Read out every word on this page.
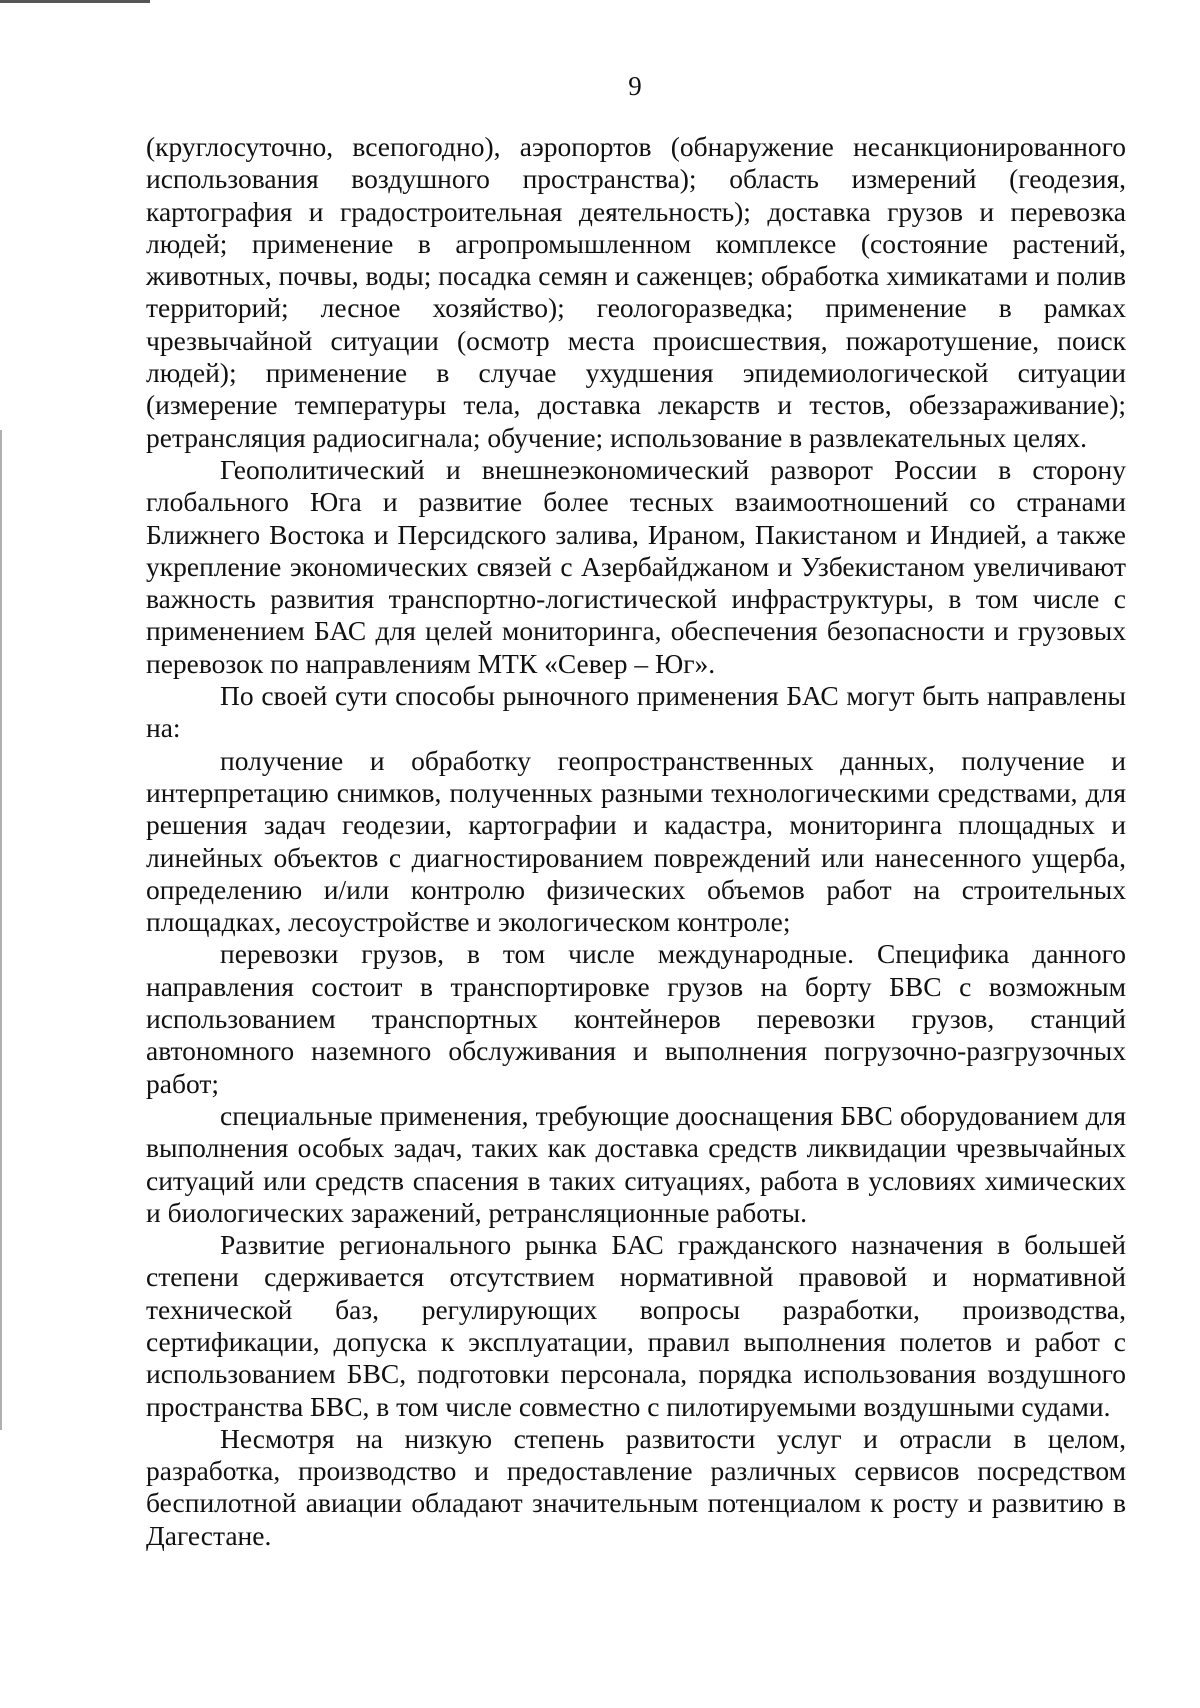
9

(круглосуточно, всепогодно), аэропортов (обнаружение несанкционированного использования воздушного пространства); область измерений (геодезия, картография и градостроительная деятельность); доставка грузов и перевозка людей; применение в агропромышленном комплексе (состояние растений, животных, почвы, воды; посадка семян и саженцев; обработка химикатами и полив территорий; лесное хозяйство); геологоразведка; применение в рамках чрезвычайной ситуации (осмотр места происшествия, пожаротушение, поиск людей); применение в случае ухудшения эпидемиологической ситуации (измерение температуры тела, доставка лекарств и тестов, обеззараживание); ретрансляция радиосигнала; обучение; использование в развлекательных целях.

Геополитический и внешнеэкономический разворот России в сторону глобального Юга и развитие более тесных взаимоотношений со странами Ближнего Востока и Персидского залива, Ираном, Пакистаном и Индией, а также укрепление экономических связей с Азербайджаном и Узбекистаном увеличивают важность развития транспортно-логистической инфраструктуры, в том числе с применением БАС для целей мониторинга, обеспечения безопасности и грузовых перевозок по направлениям МТК «Север – Юг».

По своей сути способы рыночного применения БАС могут быть направлены на:

получение и обработку геопространственных данных, получение и интерпретацию снимков, полученных разными технологическими средствами, для решения задач геодезии, картографии и кадастра, мониторинга площадных и линейных объектов с диагностированием повреждений или нанесенного ущерба, определению и/или контролю физических объемов работ на строительных площадках, лесоустройстве и экологическом контроле;

перевозки грузов, в том числе международные. Специфика данного направления состоит в транспортировке грузов на борту БВС с возможным использованием транспортных контейнеров перевозки грузов, станций автономного наземного обслуживания и выполнения погрузочно-разгрузочных работ;

специальные применения, требующие дооснащения БВС оборудованием для выполнения особых задач, таких как доставка средств ликвидации чрезвычайных ситуаций или средств спасения в таких ситуациях, работа в условиях химических и биологических заражений, ретрансляционные работы.

Развитие регионального рынка БАС гражданского назначения в большей степени сдерживается отсутствием нормативной правовой и нормативной технической баз, регулирующих вопросы разработки, производства, сертификации, допуска к эксплуатации, правил выполнения полетов и работ с использованием БВС, подготовки персонала, порядка использования воздушного пространства БВС, в том числе совместно с пилотируемыми воздушными судами.

Несмотря на низкую степень развитости услуг и отрасли в целом, разработка, производство и предоставление различных сервисов посредством беспилотной авиации обладают значительным потенциалом к росту и развитию в Дагестане.
